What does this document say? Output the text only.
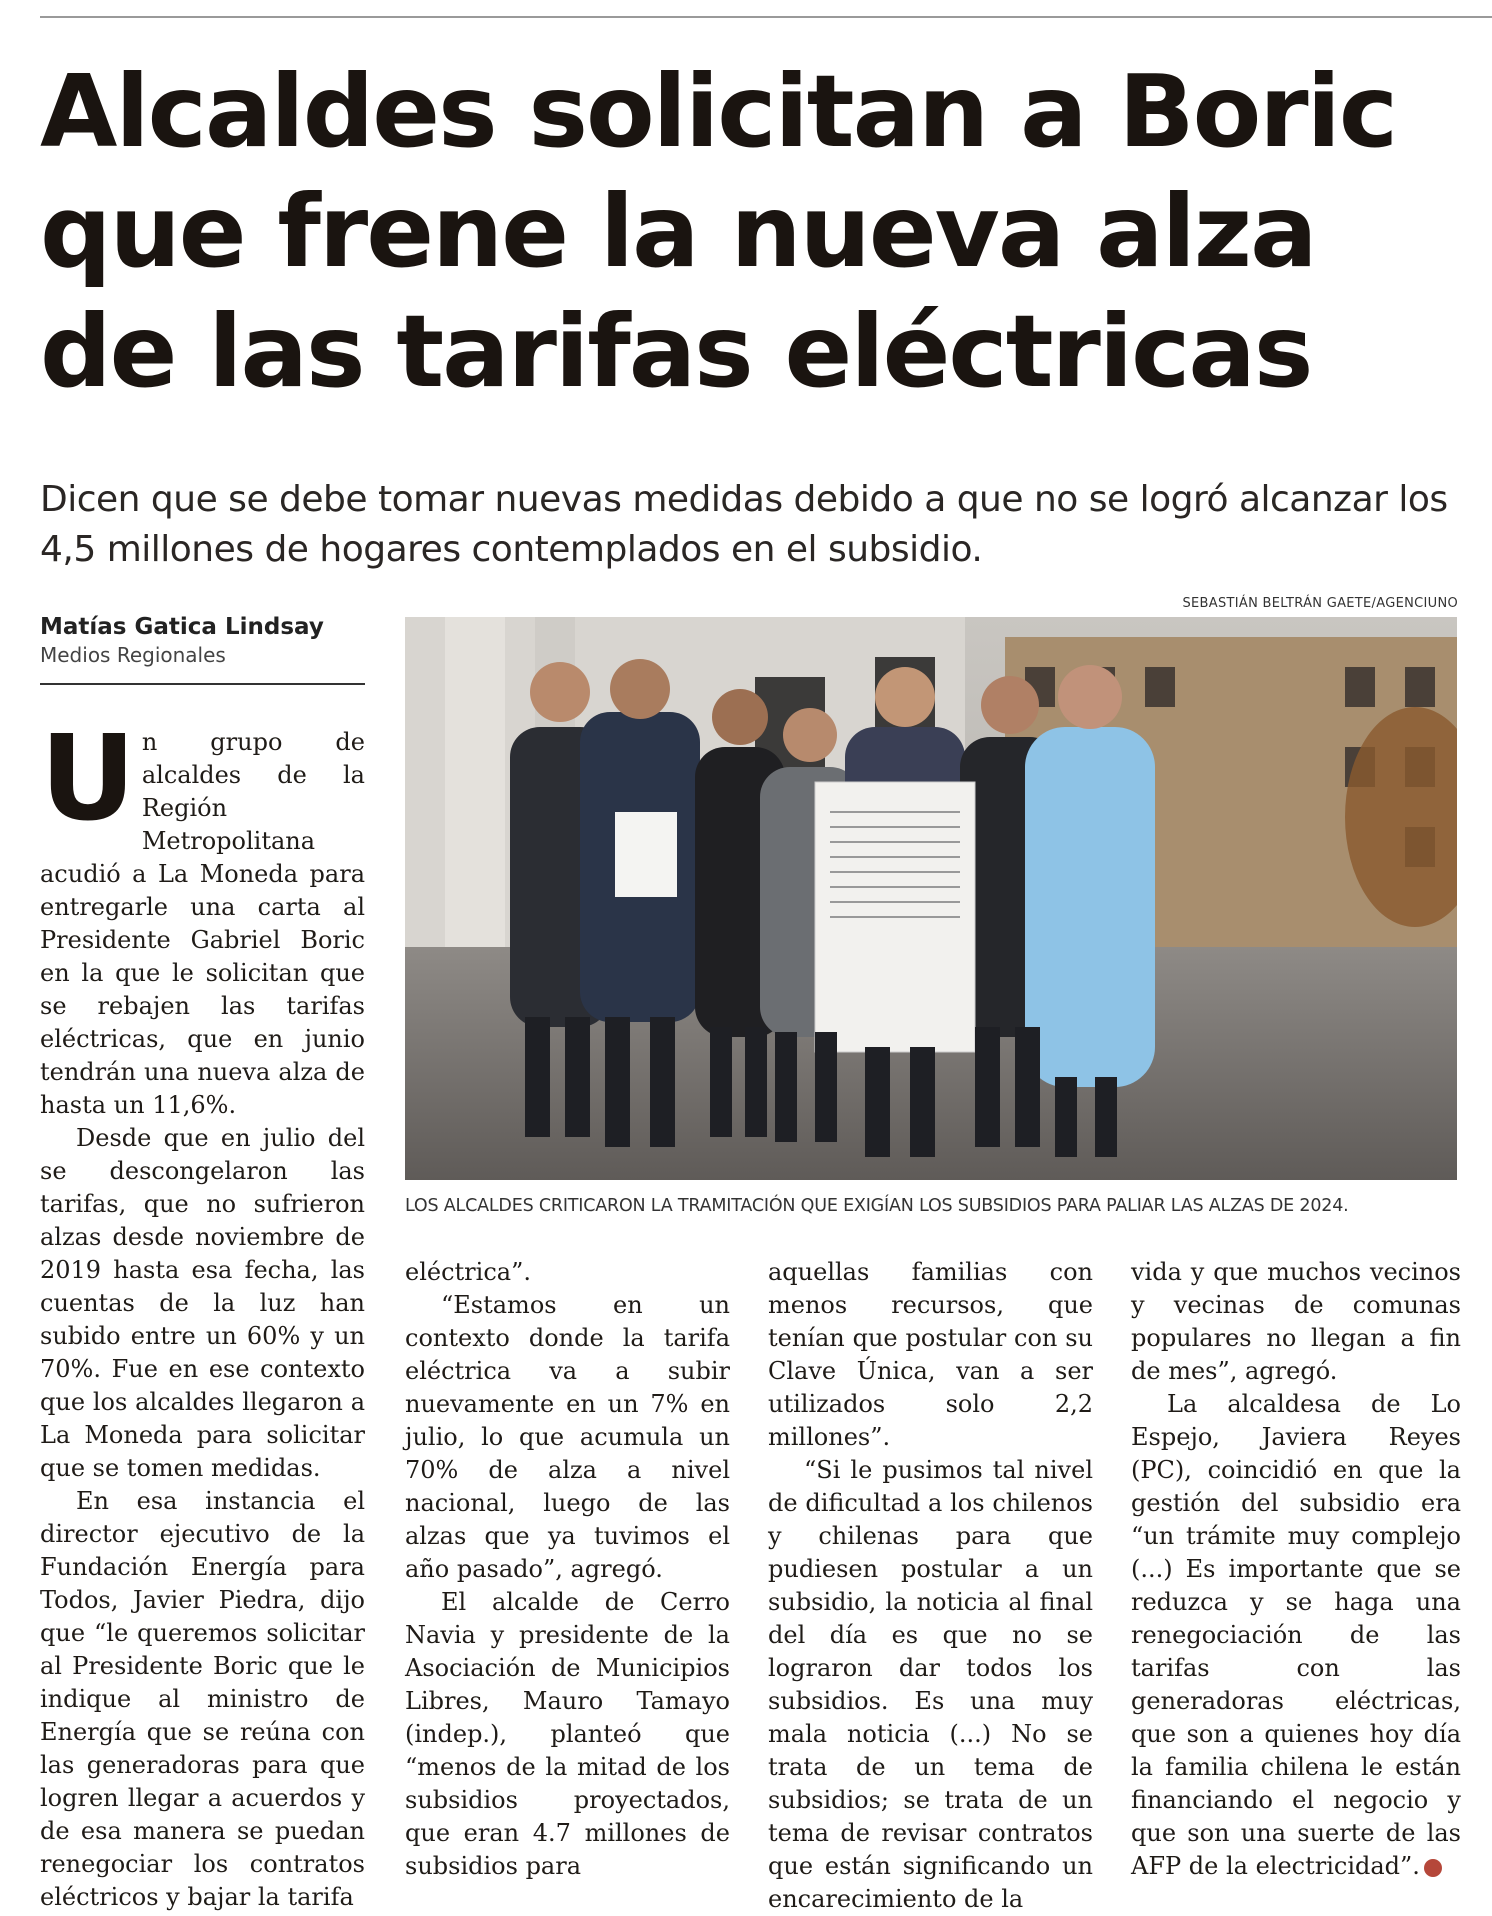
Alcaldes solicitan a Boric
que frene la nueva alza
de las tarifas eléctricas

Dicen que se debe tomar nuevas medidas debido a que no se logró alcanzar los
4,5 millones de hogares contemplados en el subsidio.

Matías Gatica Lindsay
Medios Regionales
SEBASTIÁN BELTRÁN GAETE/AGENCIUNO
LOS ALCALDES CRITICARON LA TRAMITACIÓN QUE EXIGÍAN LOS SUBSIDIOS PARA PALIAR LAS ALZAS DE 2024.

Un grupo de alcaldes de la Región Metropolitana acudió a La Moneda para entregarle una carta al Presidente Gabriel Boric en la que le solicitan que se rebajen las tarifas eléctricas, que en junio tendrán una nueva alza de hasta un 11,6%.

Desde que en julio del se descongelaron las tarifas, que no sufrieron alzas desde noviembre de 2019 hasta esa fecha, las cuentas de la luz han subido entre un 60% y un 70%. Fue en ese contexto que los alcaldes llegaron a La Moneda para solicitar que se tomen medidas.

En esa instancia el director ejecutivo de la Fundación Energía para Todos, Javier Piedra, dijo que “le queremos solicitar al Presidente Boric que le indique al ministro de Energía que se reúna con las generadoras para que logren llegar a acuerdos y de esa manera se puedan renegociar los contratos eléctricos y bajar la tarifa

eléctrica”.

“Estamos en un contexto donde la tarifa eléctrica va a subir nuevamente en un 7% en julio, lo que acumula un 70% de alza a nivel nacional, luego de las alzas que ya tuvimos el año pasado”, agregó.

El alcalde de Cerro Navia y presidente de la Asociación de Municipios Libres, Mauro Tamayo (indep.), planteó que “menos de la mitad de los subsidios proyectados, que eran 4.7 millones de subsidios para

aquellas familias con menos recursos, que tenían que postular con su Clave Única, van a ser utilizados solo 2,2 millones”.

“Si le pusimos tal nivel de dificultad a los chilenos y chilenas para que pudiesen postular a un subsidio, la noticia al final del día es que no se lograron dar todos los subsidios. Es una muy mala noticia (...) No se trata de un tema de subsidios; se trata de un tema de revisar contratos que están significando un encarecimiento de la

vida y que muchos vecinos y vecinas de comunas populares no llegan a fin de mes”, agregó.

La alcaldesa de Lo Espejo, Javiera Reyes (PC), coincidió en que la gestión del subsidio era “un trámite muy complejo (...) Es importante que se reduzca y se haga una renegociación de las tarifas con las generadoras eléctricas, que son a quienes hoy día la familia chilena le están financiando el negocio y que son una suerte de las AFP de la electricidad”.	✪
